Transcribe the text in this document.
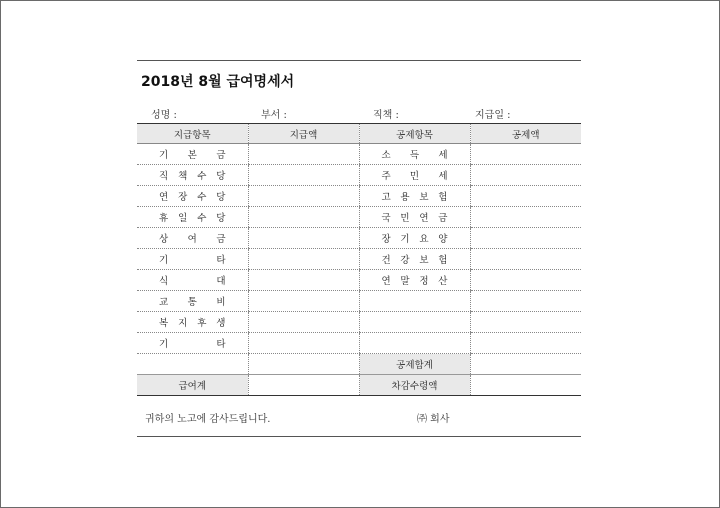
2018년 8월 급여명세서
성명 :	부서 :	직책 :	지급일 :
지급항목	지급액	공제항목	공제액
기 본 금		소 득 세	
직 책 수 당		주 민 세	
연 장 수 당		고 용 보 험	
휴 일 수 당		국 민 연 금	
상 여 금		장 기 요 양	
기 타		건 강 보 험	
식 대		연 말 정 산	
교 통 비			
복 지 후 생			
기 타			
		공제합계	
급여계		차감수령액	
귀하의 노고에 감사드립니다.	㈜ 회사
